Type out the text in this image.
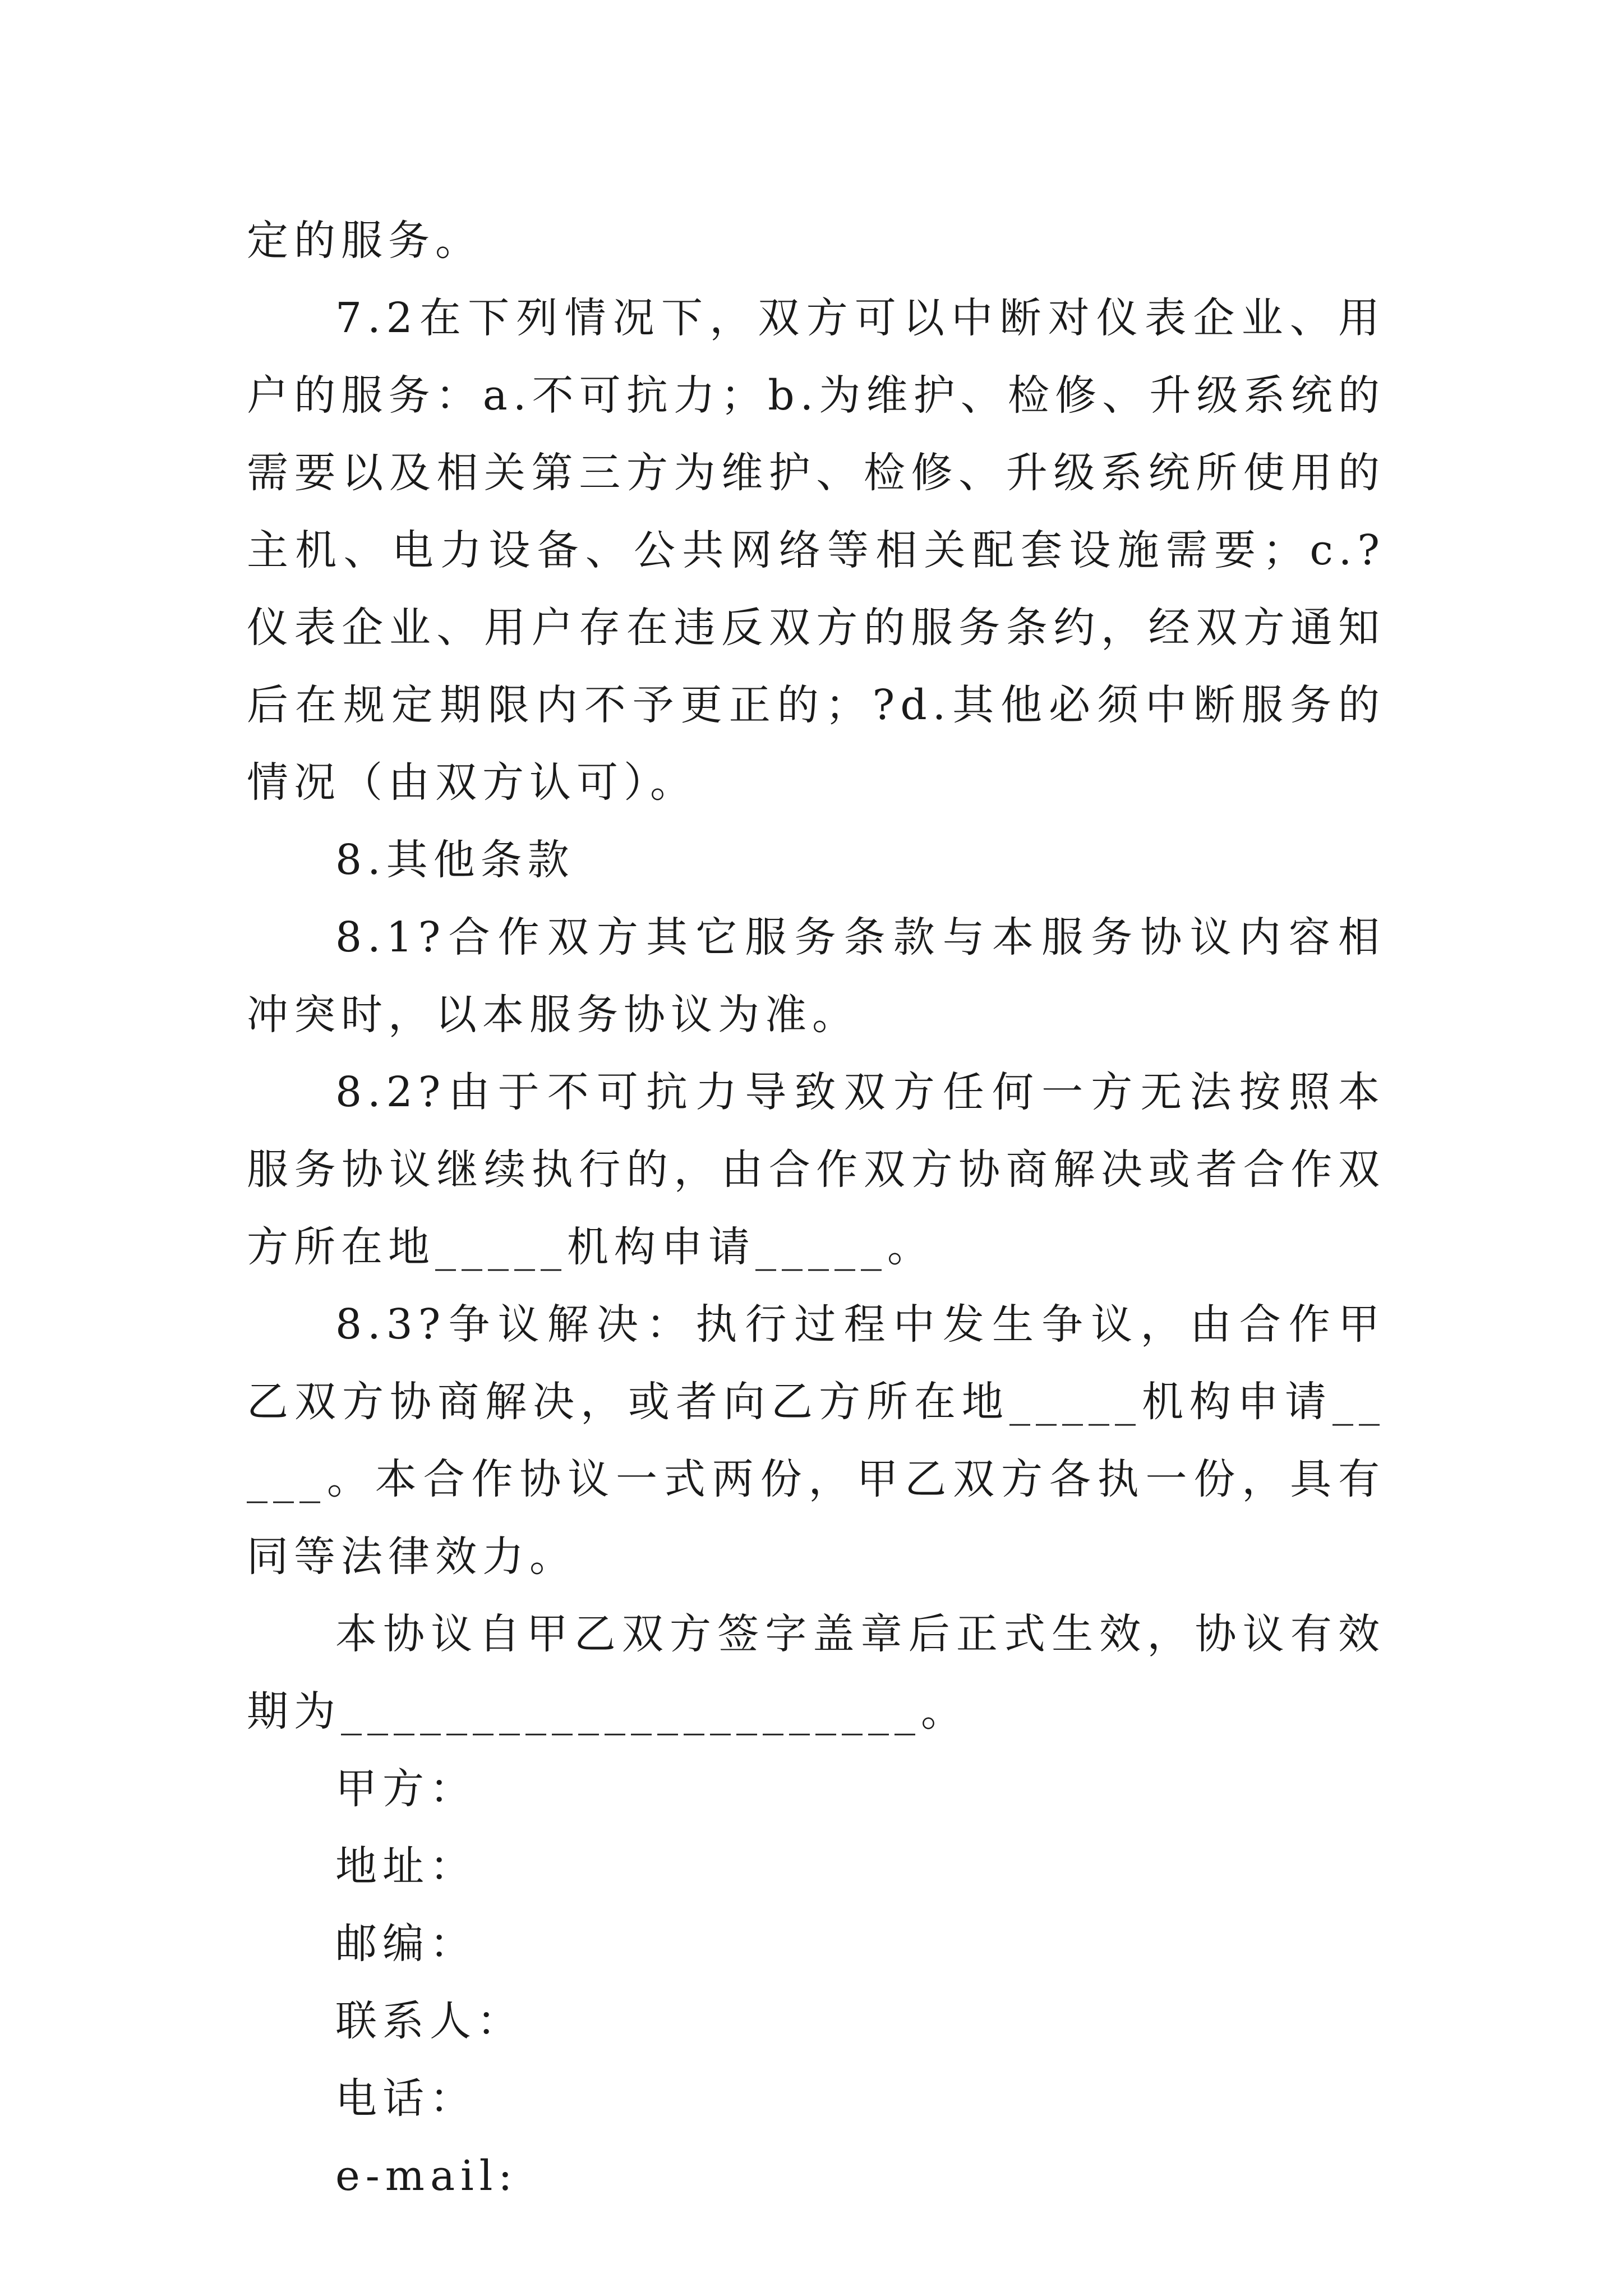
定的服务。

7.2在下列情况下，双方可以中断对仪表企业、用户的服务：a.不可抗力；b.为维护、检修、升级系统的需要以及相关第三方为维护、检修、升级系统所使用的主机、电力设备、公共网络等相关配套设施需要；c.?仪表企业、用户存在违反双方的服务条约，经双方通知后在规定期限内不予更正的；?d.其他必须中断服务的情况（由双方认可）。

8.其他条款

8.1?合作双方其它服务条款与本服务协议内容相冲突时，以本服务协议为准。

8.2?由于不可抗力导致双方任何一方无法按照本服务协议继续执行的，由合作双方协商解决或者合作双方所在地_____机构申请_____。

8.3?争议解决：执行过程中发生争议，由合作甲乙双方协商解决，或者向乙方所在地_____机构申请_____。本合作协议一式两份，甲乙双方各执一份，具有同等法律效力。

本协议自甲乙双方签字盖章后正式生效，协议有效期为______________________。

甲方：

地址：

邮编：

联系人：

电话：

e-mail:
